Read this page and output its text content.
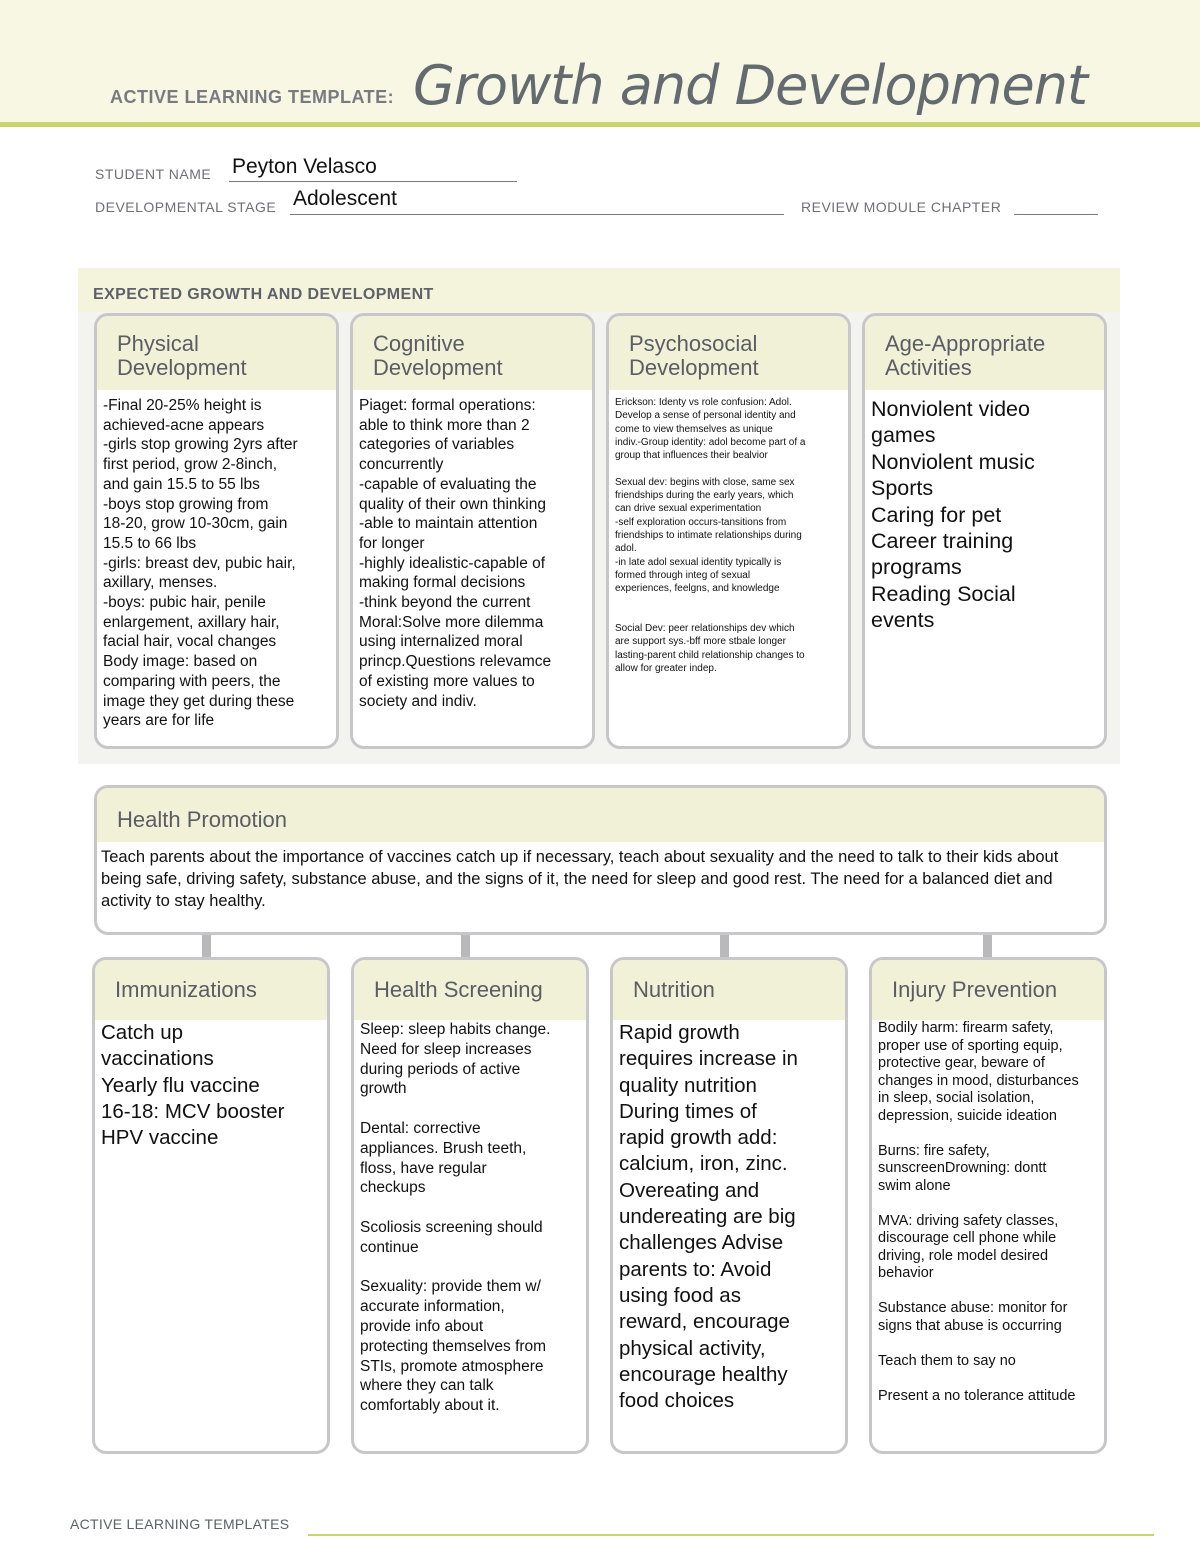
ACTIVE LEARNING TEMPLATE: Growth and Development
STUDENT NAME Peyton Velasco
DEVELOPMENTAL STAGE Adolescent	REVIEW MODULE CHAPTER
EXPECTED GROWTH AND DEVELOPMENT
Physical
Development
-Final 20-25% height is
achieved-acne appears
-girls stop growing 2yrs after
first period, grow 2-8inch,
and gain 15.5 to 55 lbs
-boys stop growing from
18-20, grow 10-30cm, gain
15.5 to 66 lbs
-girls: breast dev, pubic hair,
axillary, menses.
-boys: pubic hair, penile
enlargement, axillary hair,
facial hair, vocal changes
Body image: based on
comparing with peers, the
image they get during these
years are for life
Cognitive
Development
Piaget: formal operations:
able to think more than 2
categories of variables
concurrently
-capable of evaluating the
quality of their own thinking
-able to maintain attention
for longer
-highly idealistic-capable of
making formal decisions
-think beyond the current
Moral:Solve more dilemma
using internalized moral
princp.Questions relevamce
of existing more values to
society and indiv.
Psychosocial
Development
Erickson: Identy vs role confusion: Adol.
Develop a sense of personal identity and
come to view themselves as unique
indiv.-Group identity: adol become part of a
group that influences their bealvior

Sexual dev: begins with close, same sex
friendships during the early years, which
can drive sexual experimentation
-self exploration occurs-tansitions from
friendships to intimate relationships during
adol.
-in late adol sexual identity typically is
formed through integ of sexual
experiences, feelgns, and knowledge

Social Dev: peer relationships dev which
are support sys.-bff more stbale longer
lasting-parent child relationship changes to
allow for greater indep.
Age-Appropriate
Activities
Nonviolent video
games
Nonviolent music
Sports
Caring for pet
Career training
programs
Reading Social
events
Health Promotion
Teach parents about the importance of vaccines catch up if necessary, teach about sexuality and the need to talk to their kids about being safe, driving safety, substance abuse, and the signs of it, the need for sleep and good rest. The need for a balanced diet and activity to stay healthy.
Immunizations
Catch up
vaccinations
Yearly flu vaccine
16-18: MCV booster
HPV vaccine
Health Screening
Sleep: sleep habits change.
Need for sleep increases
during periods of active
growth

Dental: corrective
appliances. Brush teeth,
floss, have regular
checkups

Scoliosis screening should
continue

Sexuality: provide them w/
accurate information,
provide info about
protecting themselves from
STIs, promote atmosphere
where they can talk
comfortably about it.
Nutrition
Rapid growth
requires increase in
quality nutrition
During times of
rapid growth add:
calcium, iron, zinc.
Overeating and
undereating are big
challenges Advise
parents to: Avoid
using food as
reward, encourage
physical activity,
encourage healthy
food choices
Injury Prevention
Bodily harm: firearm safety,
proper use of sporting equip,
protective gear, beware of
changes in mood, disturbances
in sleep, social isolation,
depression, suicide ideation

Burns: fire safety,
sunscreenDrowning: dontt
swim alone

MVA: driving safety classes,
discourage cell phone while
driving, role model desired
behavior

Substance abuse: monitor for
signs that abuse is occurring

Teach them to say no

Present a no tolerance attitude
ACTIVE LEARNING TEMPLATES
